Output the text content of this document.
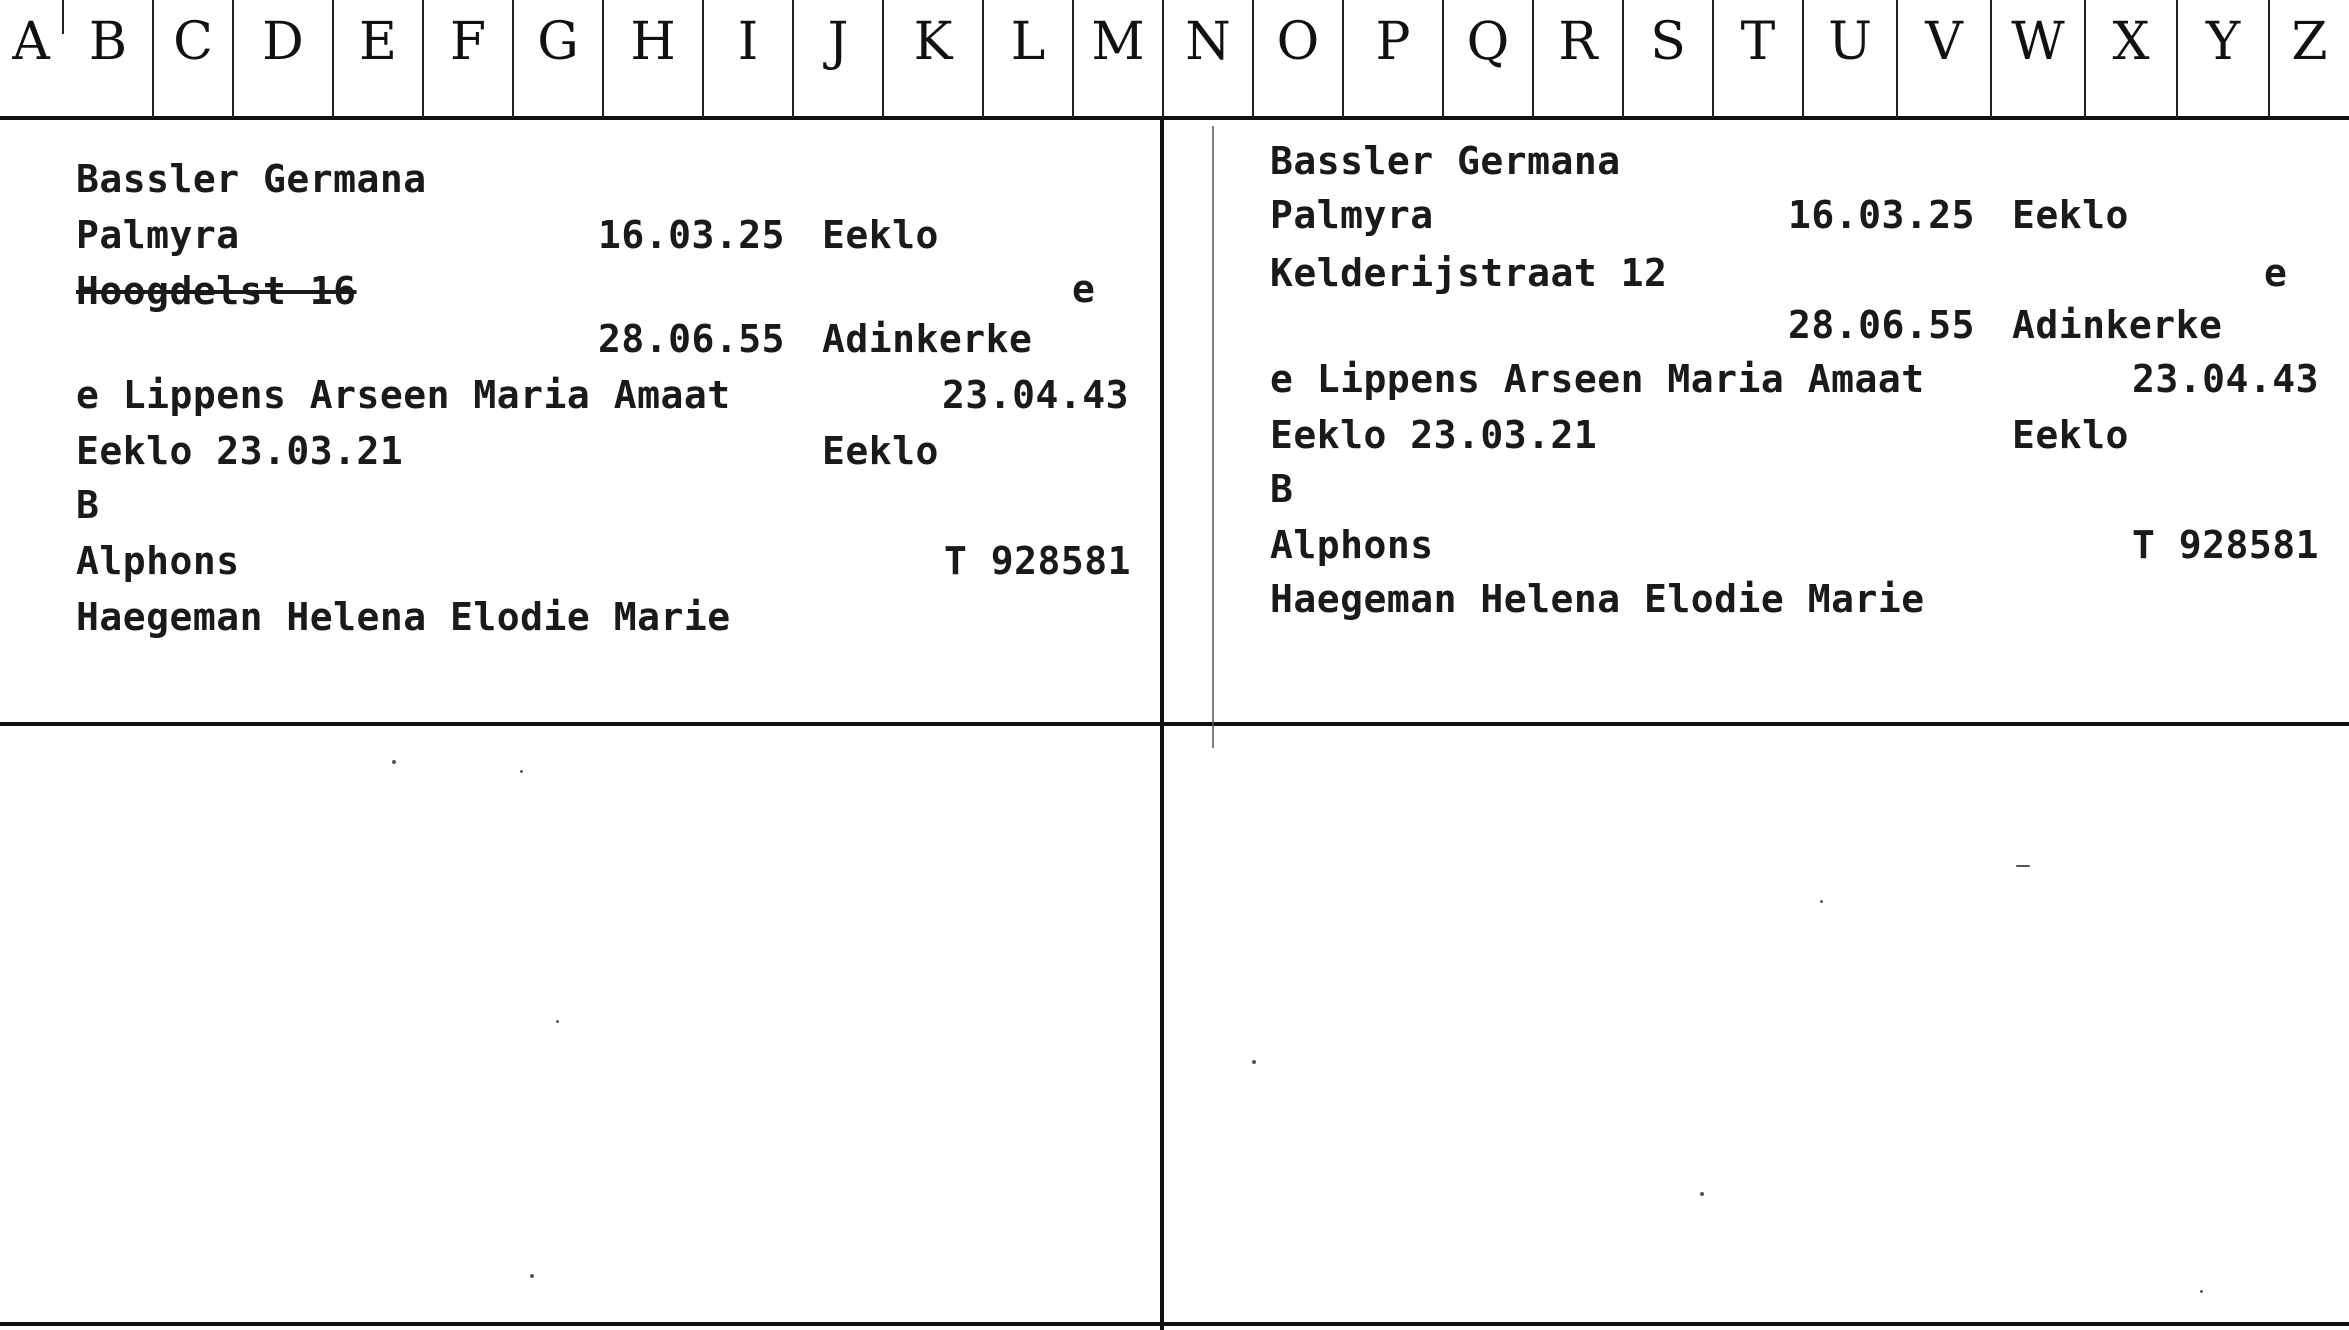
A B C D	E	F G H	I	J	K	L M N O	P	Q R	S	T	U	V W X	Y Z
Bassler Germana
Palmyra	16.03.25 Eeklo
Hoogdelst 16	e
28.06.55 Adinkerke
e Lippens Arseen Maria Amaat	23.04.43
Eeklo 23.03.21	Eeklo
B
Alphons	T 928581
Haegeman Helena Elodie Marie
Bassler Germana
Palmyra	16.03.25 Eeklo
Kelderijstraat 12	e
28.06.55 Adinkerke
e Lippens Arseen Maria Amaat	23.04.43
Eeklo 23.03.21	Eeklo
B
Alphons	T 928581
Haegeman Helena Elodie Marie
